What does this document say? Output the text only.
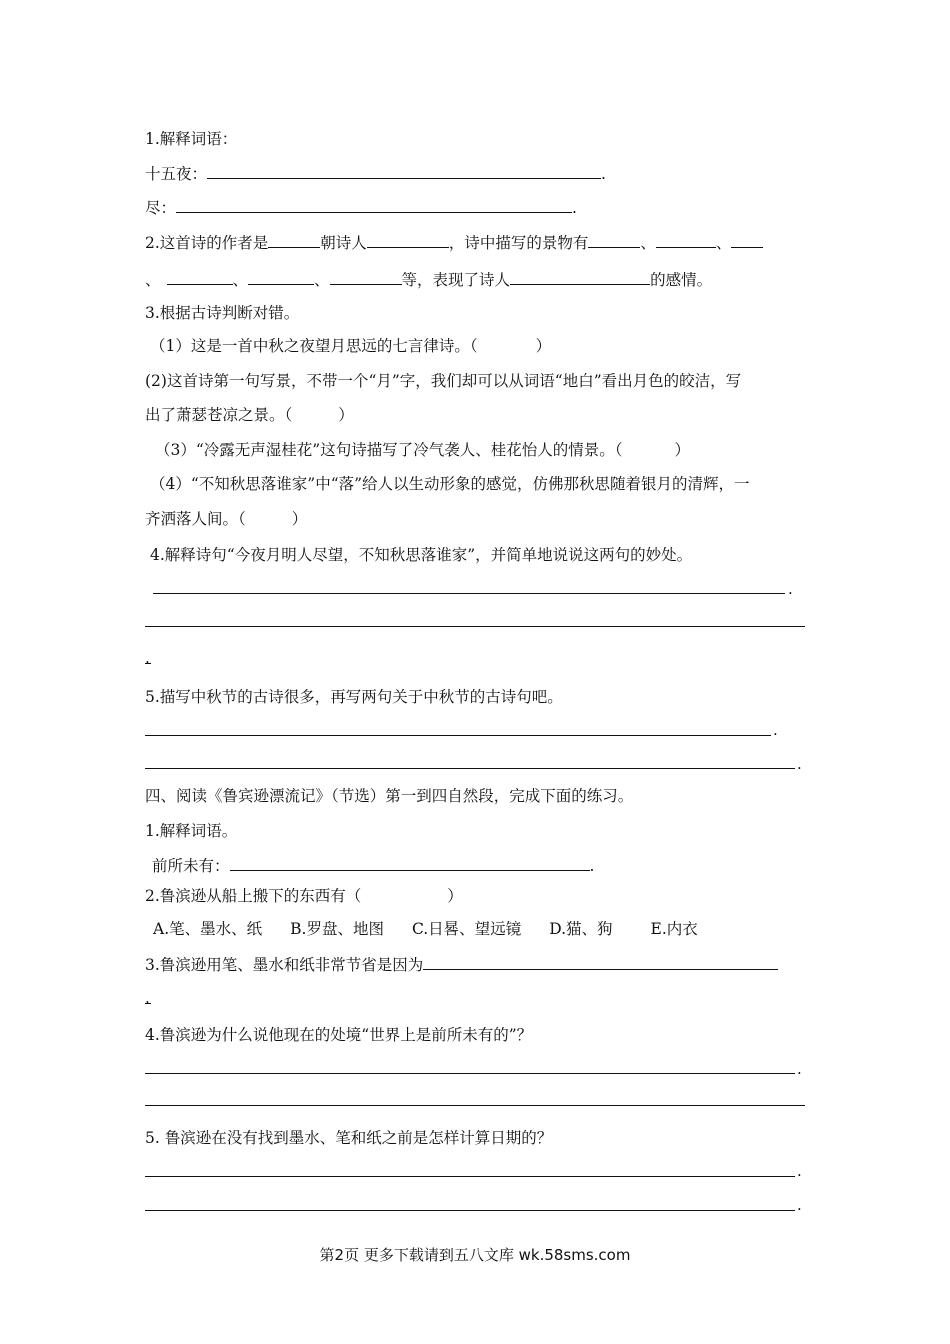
1.解释词语：
十五夜：	.
尽：	.
2.这首诗的作者是	朝诗人	，诗中描写的景物有	、	、
、	、	、	等，表现了诗人	的感情。
3.根据古诗判断对错。
（1）这是一首中秋之夜望月思远的七言律诗。（	）
(2)这首诗第一句写景，不带一个“月”字，我们却可以从词语“地白”看出月色的皎洁，写
出了萧瑟苍凉之景。（	）
（3）“冷露无声湿桂花”这句诗描写了冷气袭人、桂花怡人的情景。（	）
（4）“不知秋思落谁家”中“落”给人以生动形象的感觉，仿佛那秋思随着银月的清辉，一
齐洒落人间。（	）
4.解释诗句“今夜月明人尽望，不知秋思落谁家”，并简单地说说这两句的妙处。
.
.
5.描写中秋节的古诗很多，再写两句关于中秋节的古诗句吧。
.
.
四、阅读《鲁宾逊漂流记》（节选）第一到四自然段，完成下面的练习。
1.解释词语。
前所未有：	.
2.鲁滨逊从船上搬下的东西有（	）
A.笔、墨水、纸 B.罗盘、地图 C.日晷、望远镜 D.猫、狗 E.内衣
3.鲁滨逊用笔、墨水和纸非常节省是因为
.
4.鲁滨逊为什么说他现在的处境“世界上是前所未有的”？
.
5. 鲁滨逊在没有找到墨水、笔和纸之前是怎样计算日期的？
.
.
第2页 更多下载请到五八文库 wk.58sms.com
